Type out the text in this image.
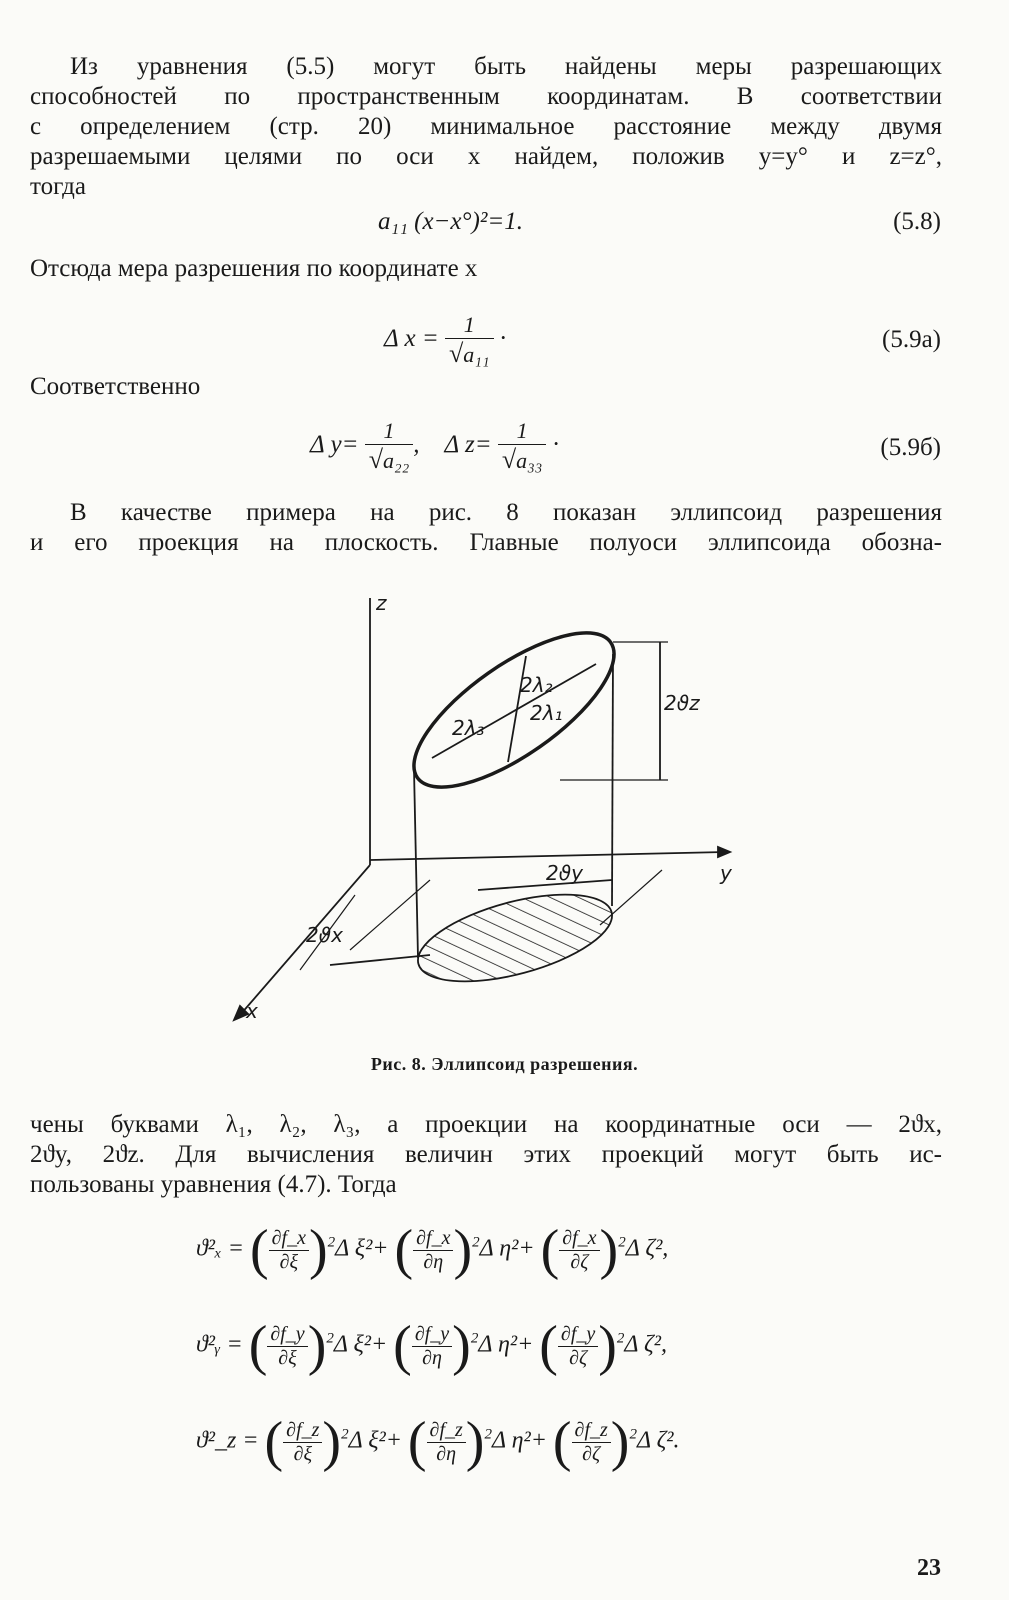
Из уравнения (5.5) могут быть найдены меры разрешающих
способностей по пространственным координатам. В соответствии
с определением (стр. 20) минимальное расстояние между двумя
разрешаемыми целями по оси x найдем, положив y=y° и z=z°,
тогда
a₁₁ (x−x°)²=1.	(5.8)
Отсюда мера разрешения по координате x
Δ $x = \frac{1}{\text{√a₁₁}}$ ·	(5.9a)
Соответственно
Δ $y= \frac{1}{\text{√a₂₂}}$ ,    Δ $z= \frac{1}{\text{√a₃₃}}$ ·	(5.9б)
В качестве примера на рис. 8 показан эллипсоид разрешения
и его проекция на плоскость. Главные полуоси эллипсоида обозна-
z
y
x
2λ₂
2λ₁
2λ₃
2ϑz
2ϑy
2ϑx
Рис. 8. Эллипсоид разрешения.
чены буквами λ₁, λ₂, λ₃, а проекции на координатные оси — 2ϑx,
2ϑy, 2ϑz. Для вычисления величин этих проекций могут быть ис-
пользованы уравнения (4.7). Тогда
ϑ²ₓ = ( $\frac{\partial f\_x}{\partial\xi} )^2\Delta$ ξ²+ ( $\frac{\partial f\_x}{\partial\eta} )^2\Delta$ η²+ ( $\frac{\partial f\_x}{\partial\zeta} )^2\Delta$ ζ²,
ϑ²ᵧ = ( $\frac{\partial f\_y}{\partial\xi} )^2\Delta$ ξ²+ ( $\frac{\partial f\_y}{\partial\eta} )^2\Delta$ η²+ ( $\frac{\partial f\_y}{\partial\zeta} )^2\Delta$ ζ²,
ϑ²_z = ( $\frac{\partial f\_z}{\partial\xi} )^2\Delta$ ξ²+ ( $\frac{\partial f\_z}{\partial\eta} )^2\Delta$ η²+ ( $\frac{\partial f\_z}{\partial\zeta} )^2\Delta$ ζ².
23
